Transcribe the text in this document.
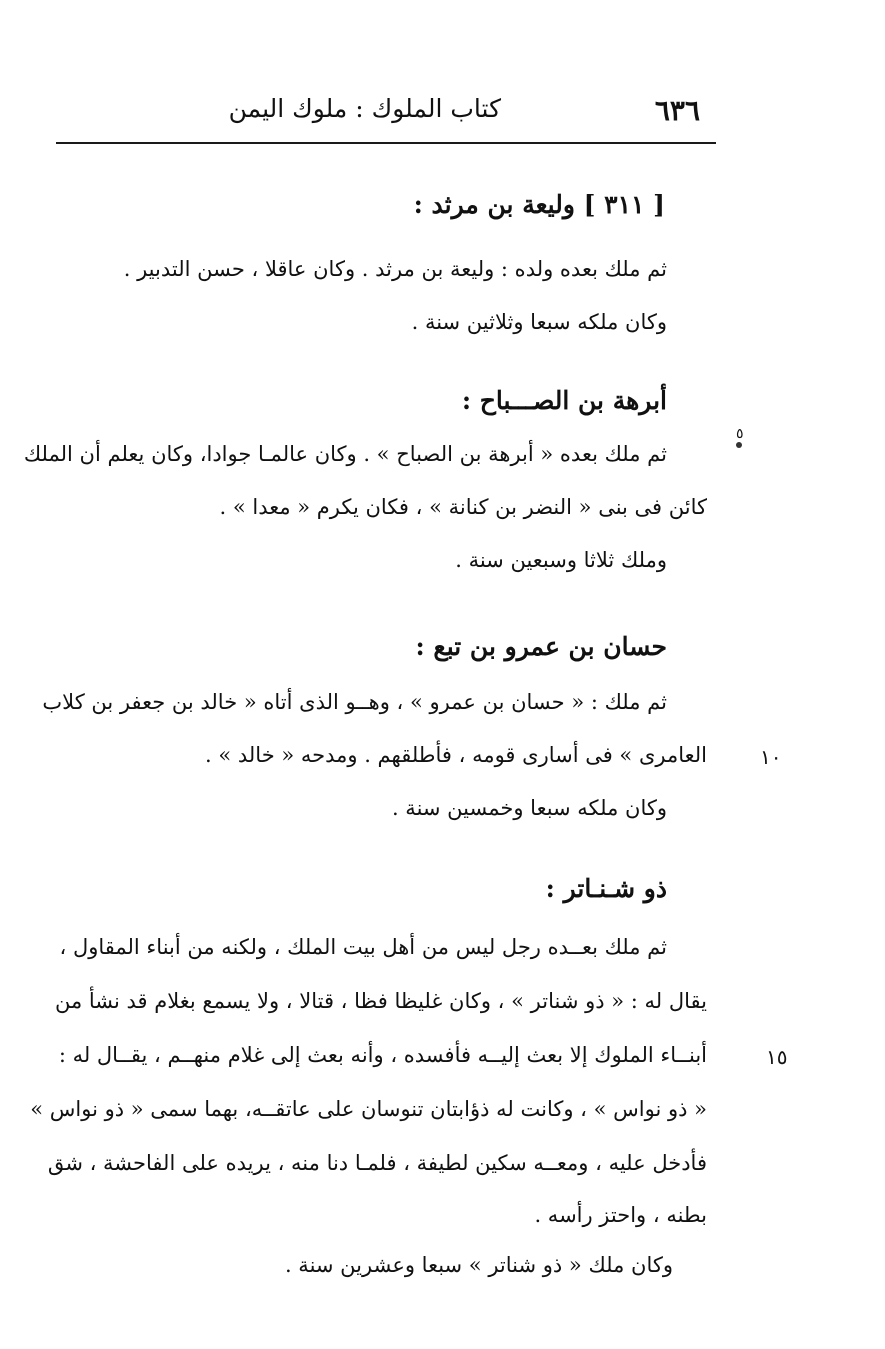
٦٣٦
كتاب الملوك : ملوك اليمن
[ ٣١١ ] وليعة بن مرثد :
ثم ملك بعده ولده : وليعة بن مرثد . وكان عاقلا ، حسن التدبير .
وكان ملكه سبعا وثلاثين سنة .
أبرهة بن الصـــباح :
ثم ملك بعده « أبرهة بن الصباح » . وكان عالمـا جوادا، وكان يعلم أن الملك
كائن فى بنى « النضر بن كنانة » ، فكان يكرم « معدا » .
وملك ثلاثا وسبعين سنة .
حسان بن عمرو بن تبع :
ثم ملك : « حسان بن عمرو » ، وهــو الذى أتاه « خالد بن جعفر بن كلاب
العامرى » فى أسارى قومه ، فأطلقهم . ومدحه « خالد » .
وكان ملكه سبعا وخمسين سنة .
ذو شـنـاتر :
ثم ملك بعــده رجل ليس من أهل بيت الملك ، ولكنه من أبناء المقاول ،
يقال له : « ذو شناتر » ، وكان غليظا فظا ، قتالا ، ولا يسمع بغلام قد نشأ من
أبنــاء الملوك إلا بعث إليــه فأفسده ، وأنه بعث إلى غلام منهــم ، يقــال له :
« ذو نواس » ، وكانت له ذؤابتان تنوسان على عاتقــه، بهما سمى « ذو نواس »
فأدخل عليه ، ومعــه سكين لطيفة ، فلمـا دنا منه ، يريده على الفاحشة ، شق
بطنه ، واحتز رأسه .
وكان ملك « ذو شناتر » سبعا وعشرين سنة .
٥
١٠
١٥
